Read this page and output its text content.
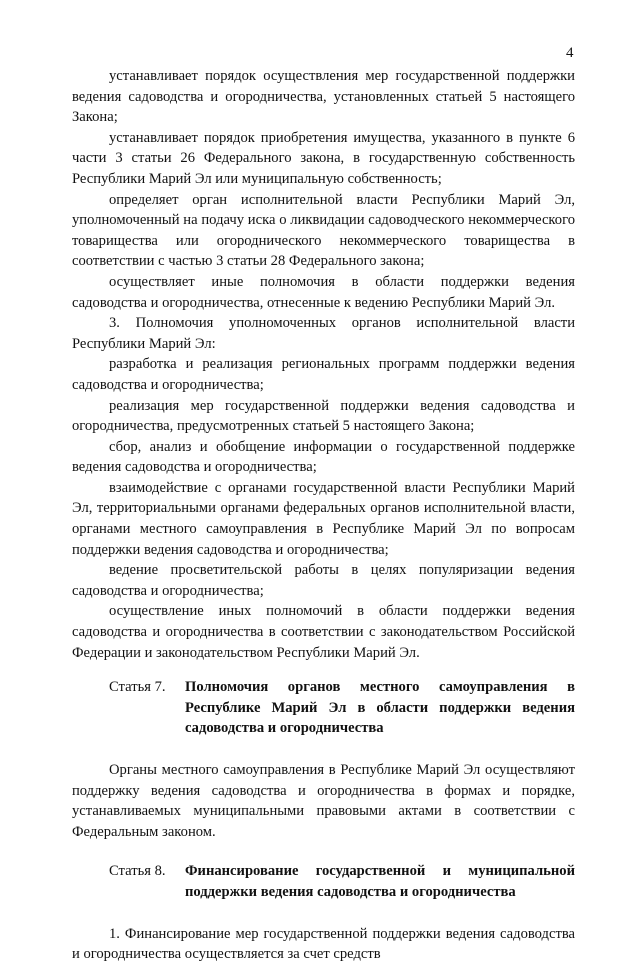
4

устанавливает порядок осуществления мер государственной поддержки ведения садоводства и огородничества, установленных статьей 5 настоящего Закона;

устанавливает порядок приобретения имущества, указанного в пункте 6 части 3 статьи 26 Федерального закона, в государственную собственность Республики Марий Эл или муниципальную собственность;

определяет орган исполнительной власти Республики Марий Эл, уполномоченный на подачу иска о ликвидации садоводческого некоммерческого товарищества или огороднического некоммерческого товарищества в соответствии с частью 3 статьи 28 Федерального закона;

осуществляет иные полномочия в области поддержки ведения садоводства и огородничества, отнесенные к ведению Республики Марий Эл.

3. Полномочия уполномоченных органов исполнительной власти Республики Марий Эл:

разработка и реализация региональных программ поддержки ведения садоводства и огородничества;

реализация мер государственной поддержки ведения садоводства и огородничества, предусмотренных статьей 5 настоящего Закона;

сбор, анализ и обобщение информации о государственной поддержке ведения садоводства и огородничества;

взаимодействие с органами государственной власти Республики Марий Эл, территориальными органами федеральных органов исполнительной власти, органами местного самоуправления в Республике Марий Эл по вопросам поддержки ведения садоводства и огородничества;

ведение просветительской работы в целях популяризации ведения садоводства и огородничества;

осуществление иных полномочий в области поддержки ведения садоводства и огородничества в соответствии с законодательством Российской Федерации и законодательством Республики Марий Эл.

Статья 7.	Полномочия органов местного самоуправления в Республике Марий Эл в области поддержки ведения садоводства и огородничества

Органы местного самоуправления в Республике Марий Эл осуществляют поддержку ведения садоводства и огородничества в формах и порядке, устанавливаемых муниципальными правовыми актами в соответствии с Федеральным законом.

Статья 8.	Финансирование государственной и муниципальной поддержки ведения садоводства и огородничества

1. Финансирование мер государственной поддержки ведения садоводства и огородничества осуществляется за счет средств
